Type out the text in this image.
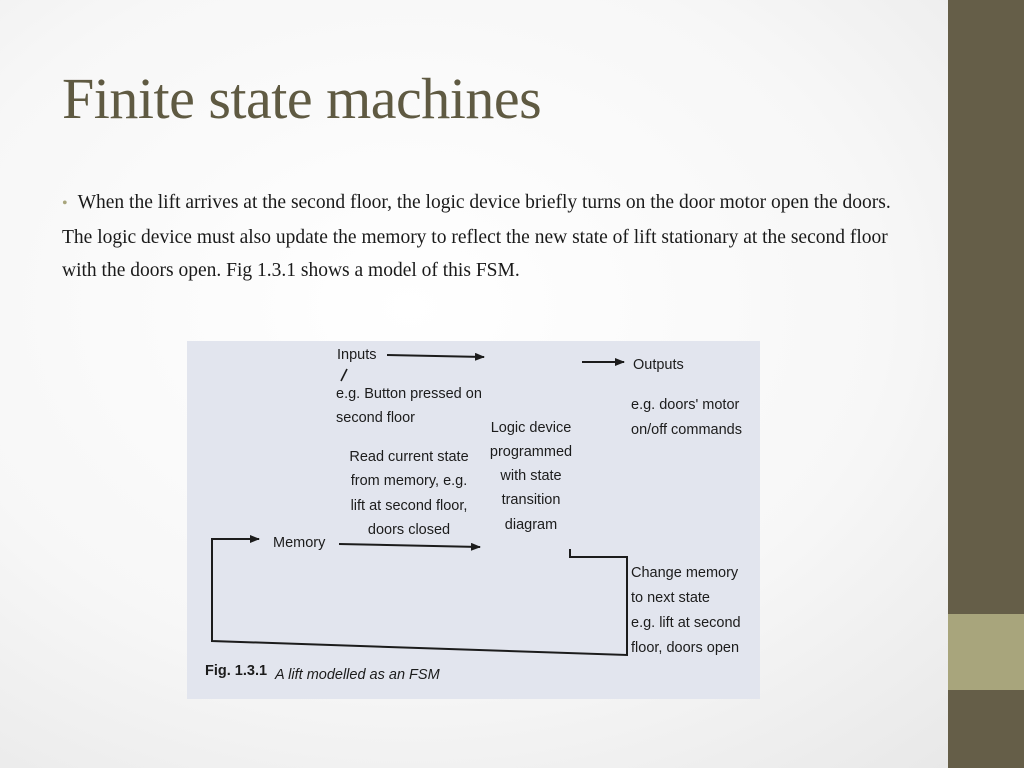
Finite state machines

• When the lift arrives at the second floor, the logic device briefly turns on the door motor open the doors. The logic device must also update the memory to reflect the new state of lift stationary at the second floor with the doors open. Fig 1.3.1 shows a model of this FSM.

Inputs
e.g. Button pressed on
second floor
Outputs
e.g. doors' motor
on/off commands
Logic device
programmed
with state
transition
diagram
Read current state
from memory, e.g.
lift at second floor,
doors closed
Memory
Change memory
to next state
e.g. lift at second
floor, doors open
Fig. 1.3.1 A lift modelled as an FSM
